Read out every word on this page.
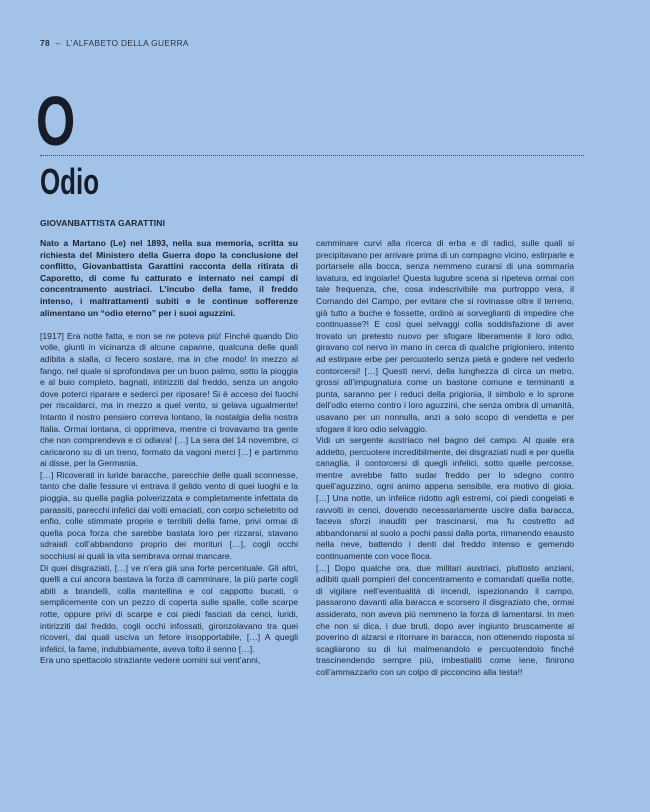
78 – L’ALFABETO DELLA GUERRA
O
Odio
GIOVANBATTISTA GARATTINI

Nato a Martano (Le) nel 1893, nella sua memoria, scritta su richiesta del Ministero della Guerra dopo la conclusione del conflitto, Giovanbattista Garattini racconta della ritirata di Caporetto, di come fu catturato e internato nei campi di concentramento austriaci. L’incubo della fame, il freddo intenso, i maltrattamenti subiti e le continue sofferenze alimentano un “odio eterno” per i suoi aguzzini.

[1917] Era notte fatta, e non se ne poteva più! Finché quando Dio volle, giunti in vicinanza di alcune capanne, qualcuna delle quali adibita a stalla, ci fecero sostare, ma in che modo! In mezzo al fango, nel quale si sprofondava per un buon palmo, sotto la pioggia e al buio completo, bagnati, intirizziti dal freddo, senza un angolo dove poterci riparare e sederci per riposare! Si è acceso dei fuochi per riscaldarci, ma in mezzo a quel vento, si gelava ugualmente! Intanto il nostro pensiero correva lontano, la nostalgia della nostra Italia. Ormai lontana, ci opprimeva, mentre ci trovavamo tra gente che non comprendeva e ci odiava! […] La sera del 14 novembre, ci caricarono su di un treno, formato da vagoni merci […] e partimmo ai disse, per la Germania.

[…] Ricoverati in luride baracche, parecchie delle quali sconnesse, tanto che dalle fessure vi entrava il gelido vento di quei luoghi e la pioggia, su quella paglia polverizzata e completamente infettata da parassiti, parecchi infelici dai volti emaciati, con corpo scheletrito od enfio, colle stimmate proprie e terribili della fame, privi ormai di quella poca forza che sarebbe bastata loro per rizzarsi, stavano sdraiati coll’abbandono proprio dei morituri […], cogli occhi socchiusi ai quali la vita sembrava ormai mancare.

Di quei disgraziati, […] ve n’era già una forte percentuale. Gli altri, quelli a cui ancora bastava la forza di camminare, la più parte cogli abiti a brandelli, colla mantellina e col cappotto bucati, o semplicemente con un pezzo di coperta sulle spalle, colle scarpe rotte, oppure privi di scarpe e coi piedi fasciati da cenci, luridi, intirizziti dal freddo, cogli occhi infossati, gironzolavano tra quei ricoveri, dai quali usciva un fetore insopportabile, […] A quegli infelici, la fame, indubbiamente, aveva tolto il senno […].

Era uno spettacolo straziante vedere uomini sui vent’anni,

camminare curvi alla ricerca di erba e di radici, sulle quali si precipitavano per arrivare prima di un compagno vicino, estirparle e portarsele alla bocca, senza nemmeno curarsi di una sommaria lavatura, ed ingoiarle! Questa lugubre scena si ripeteva ormai con tale frequenza, che, cosa indescrivibile ma purtroppo vera, il Comando del Campo, per evitare che si rovinasse oltre il terreno, già tutto a buche e fossette, ordinò ai sorveglianti di impedire che continuasse?! E così quei selvaggi colla soddisfazione di aver trovato un pretesto nuovo per sfogare liberamente il loro odio, giravano col nervo in mano in cerca di qualche prigioniero, intento ad estirpare erbe per percuoterlo senza pietà e godere nel vederlo contorcersi! […] Questi nervi, della lunghezza di circa un metro, grossi all’impugnatura come un bastone comune e terminanti a punta, saranno per i reduci della prigionia, il simbolo e lo sprone dell’odio eterno contro i loro aguzzini, che senza ombra di umanità, usavano per un nonnulla, anzi a solo scopo di vendetta e per sfogare il loro odio selvaggio.

Vidi un sergente austriaco nel bagno del campo. Al quale era addetto, percuotere incredibilmente, dei disgraziati nudi e per quella canaglia, il contorcersi di quegli infelici, sotto quelle percosse, mentre avrebbe fatto sudar freddo per lo sdegno contro quell’aguzzino, ogni animo appena sensibile, era motivo di gioia. […] Una notte, un infelice ridotto agli estremi, coi piedi congelati e ravvolti in cenci, dovendo necessariamente uscire dalla baracca, faceva sforzi inauditi per trascinarsi, ma fu costretto ad abbandonarsi al suolo a pochi passi dalla porta, rimanendo esausto nella neve, battendo i denti dal freddo intenso e gemendo continuamente con voce fioca.

[…] Dopo qualche ora, due militari austriaci, piuttosto anziani, adibiti quali pompieri del concentramento e comandati quella notte, di vigilare nell’eventualità di incendi, ispezionando il campo, passarono davanti alla baracca e scorsero il disgraziato che, ormai assiderato, non aveva più nemmeno la forza di lamentarsi. In men che non si dica, i due bruti, dopo aver ingiunto bruscamente al poverino di alzarsi e ritornare in baracca, non ottenendo risposta si scagliarono su di lui malmenandolo e percuotendolo finché trascinendendo sempre più, imbestialiti come iene, finirono coll’ammazzarlo con un colpo di picconcino alla testa!!
